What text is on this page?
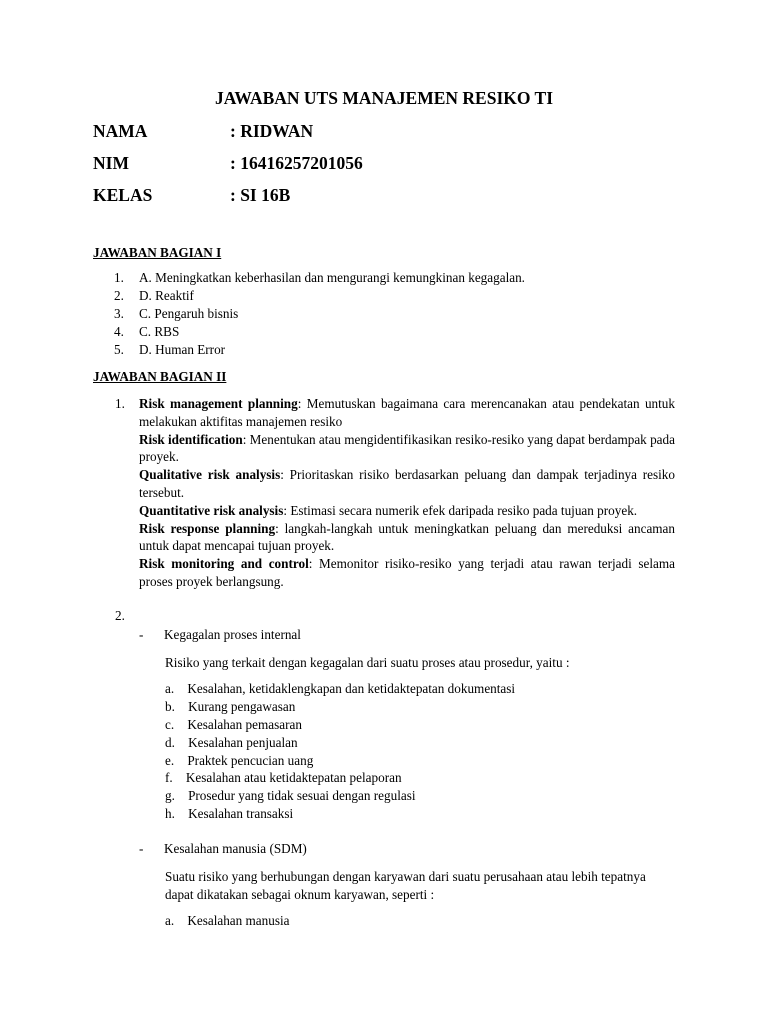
JAWABAN UTS MANAJEMEN RESIKO TI
NAMA	: RIDWAN
NIM	: 16416257201056
KELAS	: SI 16B
JAWABAN BAGIAN I
1.	A. Meningkatkan keberhasilan dan mengurangi kemungkinan kegagalan.
2.	D. Reaktif
3.	C. Pengaruh bisnis
4.	C. RBS
5.	D. Human Error
JAWABAN BAGIAN II
1. Risk management planning: Memutuskan bagaimana cara merencanakan atau pendekatan untuk melakukan aktifitas manajemen resiko

Risk identification: Menentukan atau mengidentifikasikan resiko-resiko yang dapat berdampak pada proyek.

Qualitative risk analysis: Prioritaskan risiko berdasarkan peluang dan dampak terjadinya resiko tersebut.

Quantitative risk analysis: Estimasi secara numerik efek daripada resiko pada tujuan proyek.

Risk response planning: langkah-langkah untuk meningkatkan peluang dan mereduksi ancaman untuk dapat mencapai tujuan proyek.

Risk monitoring and control: Memonitor risiko-resiko yang terjadi atau rawan terjadi selama proses proyek berlangsung.

2.
- Kegagalan proses internal

Risiko yang terkait dengan kegagalan dari suatu proses atau prosedur, yaitu :

a.    Kesalahan, ketidaklengkapan dan ketidaktepatan dokumentasi
b.    Kurang pengawasan
c.    Kesalahan pemasaran
d.    Kesalahan penjualan
e.    Praktek pencucian uang
f.    Kesalahan atau ketidaktepatan pelaporan
g.    Prosedur yang tidak sesuai dengan regulasi
h.    Kesalahan transaksi
- Kesalahan manusia (SDM)

Suatu risiko yang berhubungan dengan karyawan dari suatu perusahaan atau lebih tepatnya dapat dikatakan sebagai oknum karyawan, seperti :

a.    Kesalahan manusia
